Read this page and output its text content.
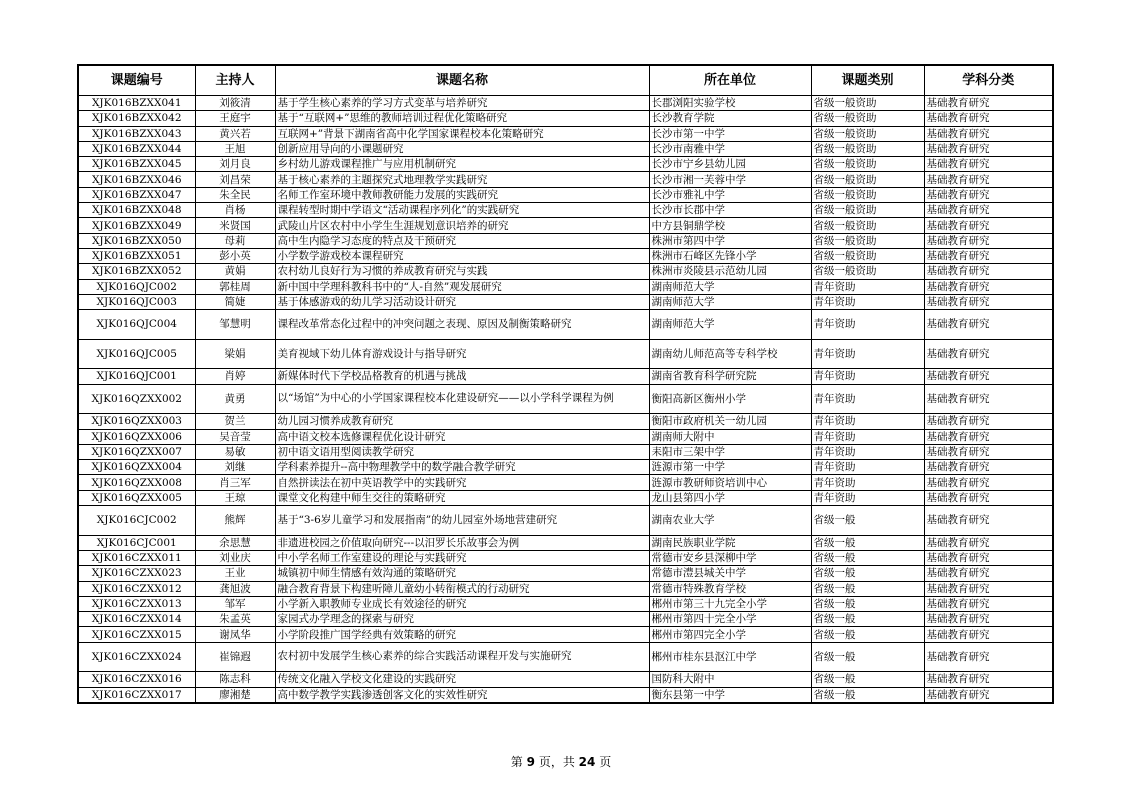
课题编号	主持人	课题名称	所在单位	课题类别	学科分类
XJK016BZXX041	刘筱清	基于学生核心素养的学习方式变革与培养研究	长郡浏阳实验学校	省级一般资助	基础教育研究
XJK016BZXX042	王庭宇	基于“互联网+”思维的教师培训过程优化策略研究	长沙教育学院	省级一般资助	基础教育研究
XJK016BZXX043	黄兴若	互联网+”背景下湖南省高中化学国家课程校本化策略研究	长沙市第一中学	省级一般资助	基础教育研究
XJK016BZXX044	王旭	创新应用导向的小课题研究	长沙市南雅中学	省级一般资助	基础教育研究
XJK016BZXX045	刘月良	乡村幼儿游戏课程推广与应用机制研究	长沙市宁乡县幼儿园	省级一般资助	基础教育研究
XJK016BZXX046	刘昌荣	基于核心素养的主题探究式地理教学实践研究	长沙市湘一芙蓉中学	省级一般资助	基础教育研究
XJK016BZXX047	朱全民	名师工作室环境中教师教研能力发展的实践研究	长沙市雅礼中学	省级一般资助	基础教育研究
XJK016BZXX048	肖杨	课程转型时期中学语文“活动课程序列化”的实践研究	长沙市长郡中学	省级一般资助	基础教育研究
XJK016BZXX049	米贤国	武陵山片区农村中小学生生涯规划意识培养的研究	中方县铜鼎学校	省级一般资助	基础教育研究
XJK016BZXX050	母莉	高中生内隐学习态度的特点及干预研究	株洲市第四中学	省级一般资助	基础教育研究
XJK016BZXX051	彭小英	小学数学游戏校本课程研究	株洲市石峰区先锋小学	省级一般资助	基础教育研究
XJK016BZXX052	黄娟	农村幼儿良好行为习惯的养成教育研究与实践	株洲市炎陵县示范幼儿园	省级一般资助	基础教育研究
XJK016QJC002	郭桂周	新中国中学理科教科书中的“人-自然”观发展研究	湖南师范大学	青年资助	基础教育研究
XJK016QJC003	简婕	基于体感游戏的幼儿学习活动设计研究	湖南师范大学	青年资助	基础教育研究
XJK016QJC004	邹慧明	课程改革常态化过程中的冲突问题之表现、原因及制衡策略研究	湖南师范大学	青年资助	基础教育研究
XJK016QJC005	梁娟	美育视域下幼儿体育游戏设计与指导研究	湖南幼儿师范高等专科学校	青年资助	基础教育研究
XJK016QJC001	肖婷	新媒体时代下学校品格教育的机遇与挑战	湖南省教育科学研究院	青年资助	基础教育研究
XJK016QZXX002	黄勇	以“场馆”为中心的小学国家课程校本化建设研究——以小学科学课程为例	衡阳高新区衡州小学	青年资助	基础教育研究
XJK016QZXX003	贺兰	幼儿园习惯养成教育研究	衡阳市政府机关一幼儿园	青年资助	基础教育研究
XJK016QZXX006	吴音莹	高中语文校本选修课程优化设计研究	湖南师大附中	青年资助	基础教育研究
XJK016QZXX007	易敏	初中语文语用型阅读教学研究	耒阳市三架中学	青年资助	基础教育研究
XJK016QZXX004	刘继	学科素养提升--高中物理教学中的数学融合教学研究	涟源市第一中学	青年资助	基础教育研究
XJK016QZXX008	肖三军	自然拼读法在初中英语教学中的实践研究	涟源市教研师资培训中心	青年资助	基础教育研究
XJK016QZXX005	王琼	课堂文化构建中师生交往的策略研究	龙山县第四小学	青年资助	基础教育研究
XJK016CJC002	熊辉	基于“3-6岁儿童学习和发展指南”的幼儿园室外场地营建研究	湖南农业大学	省级一般	基础教育研究
XJK016CJC001	余思慧	非遗进校园之价值取向研究---以汨罗长乐故事会为例	湖南民族职业学院	省级一般	基础教育研究
XJK016CZXX011	刘业庆	中小学名师工作室建设的理论与实践研究	常德市安乡县深柳中学	省级一般	基础教育研究
XJK016CZXX023	王业	城镇初中师生情感有效沟通的策略研究	常德市澧县城关中学	省级一般	基础教育研究
XJK016CZXX012	龚旭波	融合教育背景下构建听障儿童幼小转衔模式的行动研究	常德市特殊教育学校	省级一般	基础教育研究
XJK016CZXX013	邹军	小学新入职教师专业成长有效途径的研究	郴州市第三十九完全小学	省级一般	基础教育研究
XJK016CZXX014	朱孟英	家园式办学理念的探索与研究	郴州市第四十完全小学	省级一般	基础教育研究
XJK016CZXX015	谢凤华	小学阶段推广国学经典有效策略的研究	郴州市第四完全小学	省级一般	基础教育研究
XJK016CZXX024	崔锦遐	农村初中发展学生核心素养的综合实践活动课程开发与实施研究	郴州市桂东县沤江中学	省级一般	基础教育研究
XJK016CZXX016	陈志科	传统文化融入学校文化建设的实践研究	国防科大附中	省级一般	基础教育研究
XJK016CZXX017	廖湘楚	高中数学教学实践渗透创客文化的实效性研究	衡东县第一中学	省级一般	基础教育研究
第 9 页，共 24 页
